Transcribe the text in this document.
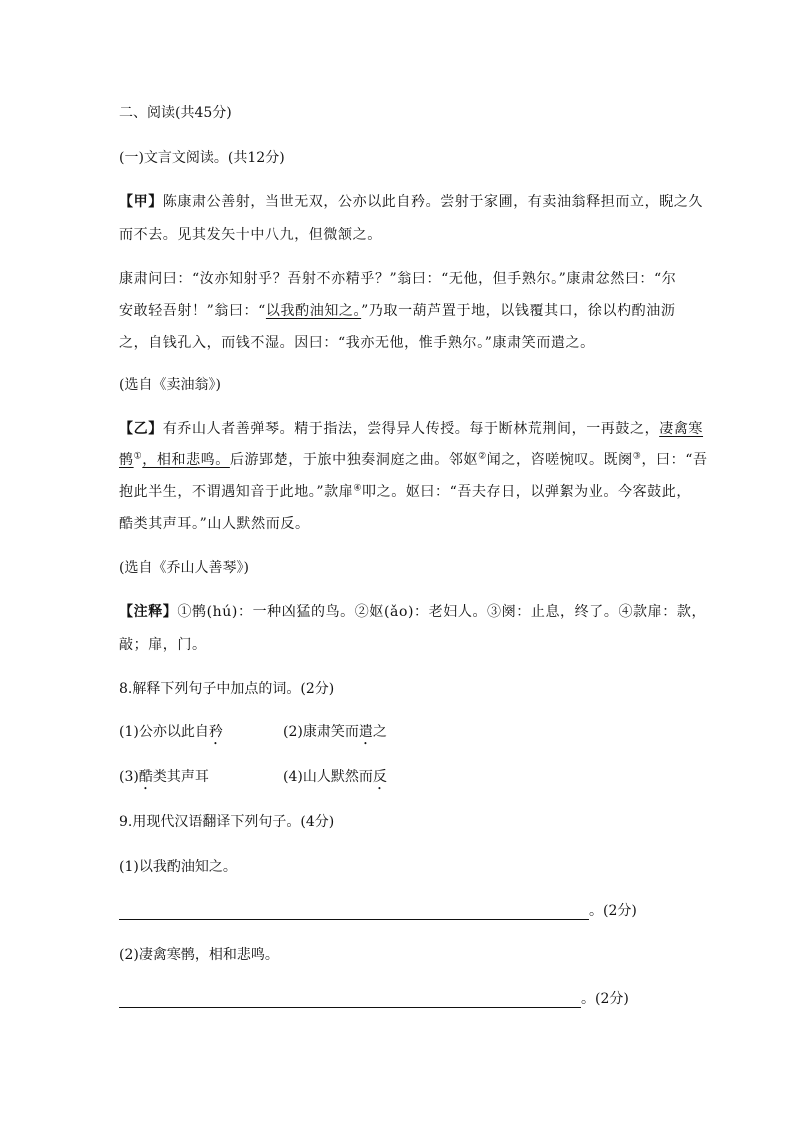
二、阅读(共45分)
(一)文言文阅读。(共12分)
【甲】陈康肃公善射，当世无双，公亦以此自矜。尝射于家圃，有卖油翁释担而立，睨之久
而不去。见其发矢十中八九，但微颔之。
康肃问曰：“汝亦知射乎？吾射不亦精乎？”翁曰：“无他，但手熟尔。”康肃忿然曰：“尔
安敢轻吾射！”翁曰：“以我酌油知之。”乃取一葫芦置于地，以钱覆其口，徐以杓酌油沥
之，自钱孔入，而钱不湿。因曰：“我亦无他，惟手熟尔。”康肃笑而遣之。
(选自《卖油翁》)
【乙】有乔山人者善弹琴。精于指法，尝得异人传授。每于断林荒荆间，一再鼓之，凄禽寒
鹘①，相和悲鸣。后游郢楚，于旅中独奏洞庭之曲。邻妪②闻之，咨嗟惋叹。既阕③，曰：“吾
抱此半生，不谓遇知音于此地。”款扉④叩之。妪曰：“吾夫存日，以弹絮为业。今客鼓此，
酷类其声耳。”山人默然而反。
(选自《乔山人善琴》)
【注释】①鹘(hú)：一种凶猛的鸟。②妪(ǎo)：老妇人。③阕：止息，终了。④款扉：款，
敲；扉，门。
8.解释下列句子中加点的词。(2分)
(1)公亦以此自矜	(2)康肃笑而遣之
(3)酷类其声耳	(4)山人默然而反
9.用现代汉语翻译下列句子。(4分)
(1)以我酌油知之。
。(2分)
(2)凄禽寒鹘，相和悲鸣。
。(2分)
